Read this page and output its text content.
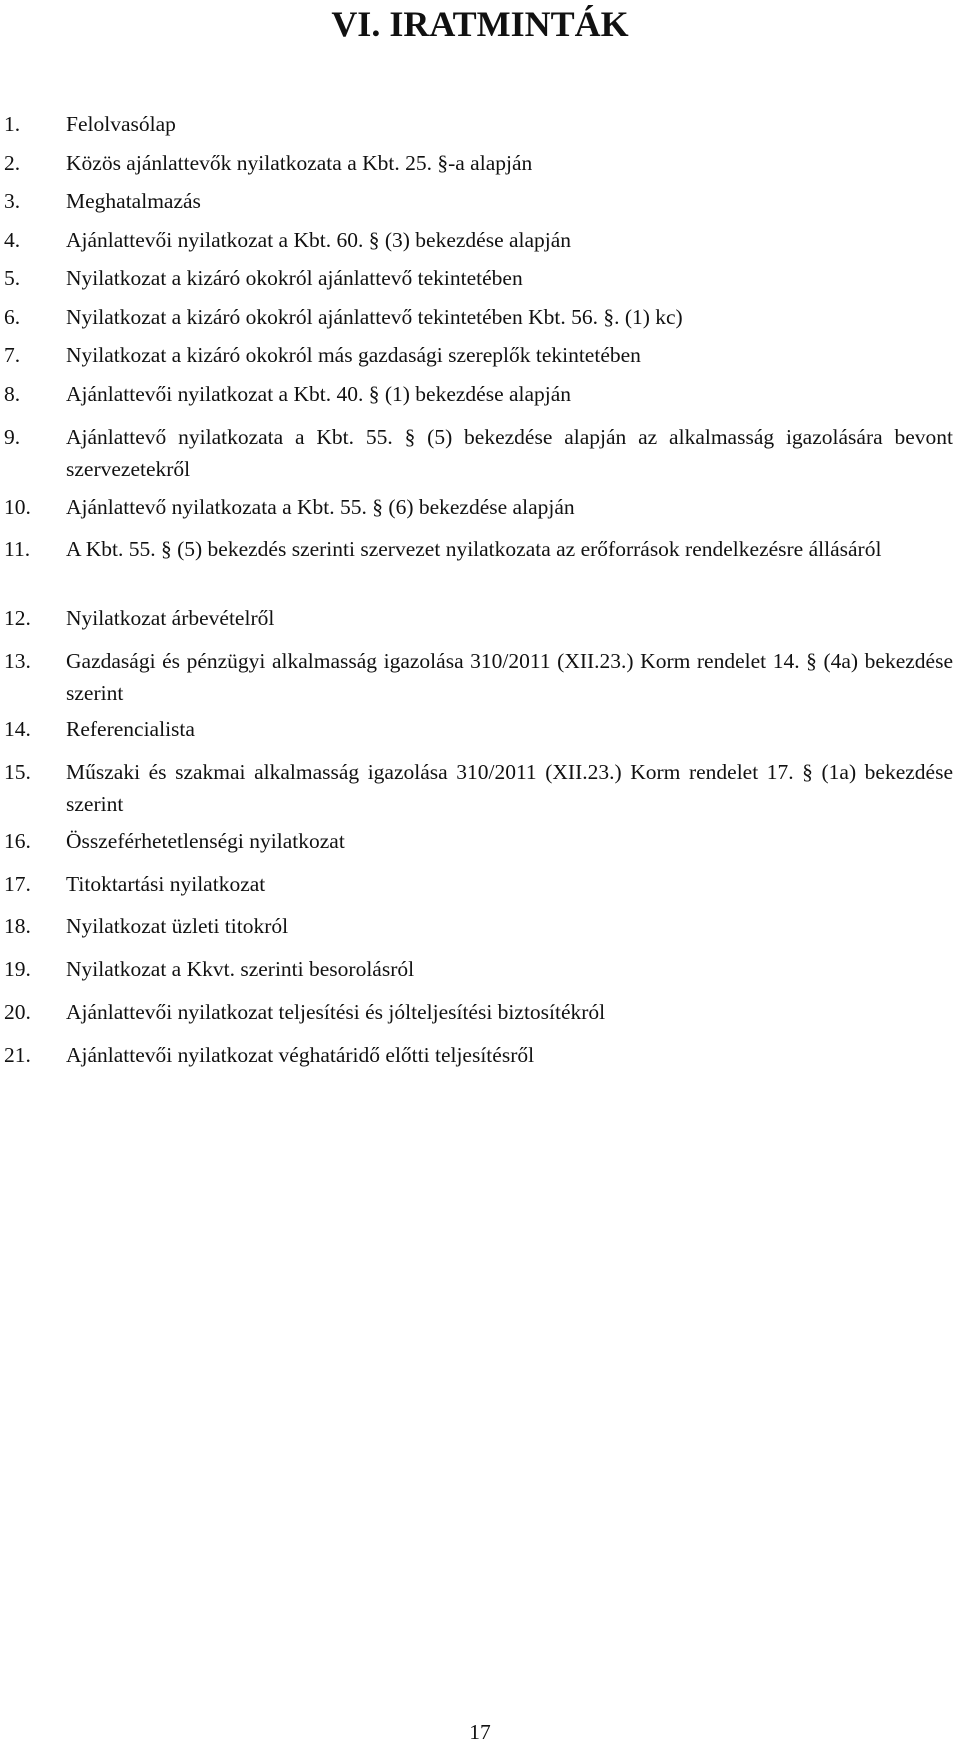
VI. IRATMINTÁK
1. Felolvasólap
2. Közös ajánlattevők nyilatkozata a Kbt. 25. §-a alapján
3. Meghatalmazás
4. Ajánlattevői nyilatkozat a Kbt. 60. § (3) bekezdése alapján
5. Nyilatkozat a kizáró okokról ajánlattevő tekintetében
6. Nyilatkozat a kizáró okokról ajánlattevő tekintetében Kbt. 56. §. (1) kc)
7. Nyilatkozat a kizáró okokról más gazdasági szereplők tekintetében
8. Ajánlattevői nyilatkozat a Kbt. 40. § (1) bekezdése alapján
9. Ajánlattevő nyilatkozata a Kbt. 55. § (5) bekezdése alapján az alkalmasság igazolására bevont szervezetekről
10. Ajánlattevő nyilatkozata a Kbt. 55. § (6) bekezdése alapján
11. A Kbt. 55. § (5) bekezdés szerinti szervezet nyilatkozata az erőforrások rendelkezésre állásáról
12. Nyilatkozat árbevételről
13. Gazdasági és pénzügyi alkalmasság igazolása 310/2011 (XII.23.) Korm rendelet 14. § (4a) bekezdése szerint
14. Referencialista
15. Műszaki és szakmai alkalmasság igazolása 310/2011 (XII.23.) Korm rendelet 17. § (1a) bekezdése szerint
16. Összeférhetetlenségi nyilatkozat
17. Titoktartási nyilatkozat
18. Nyilatkozat üzleti titokról
19. Nyilatkozat a Kkvt. szerinti besorolásról
20. Ajánlattevői nyilatkozat teljesítési és jólteljesítési biztosítékról
21. Ajánlattevői nyilatkozat véghatáridő előtti teljesítésről
17
